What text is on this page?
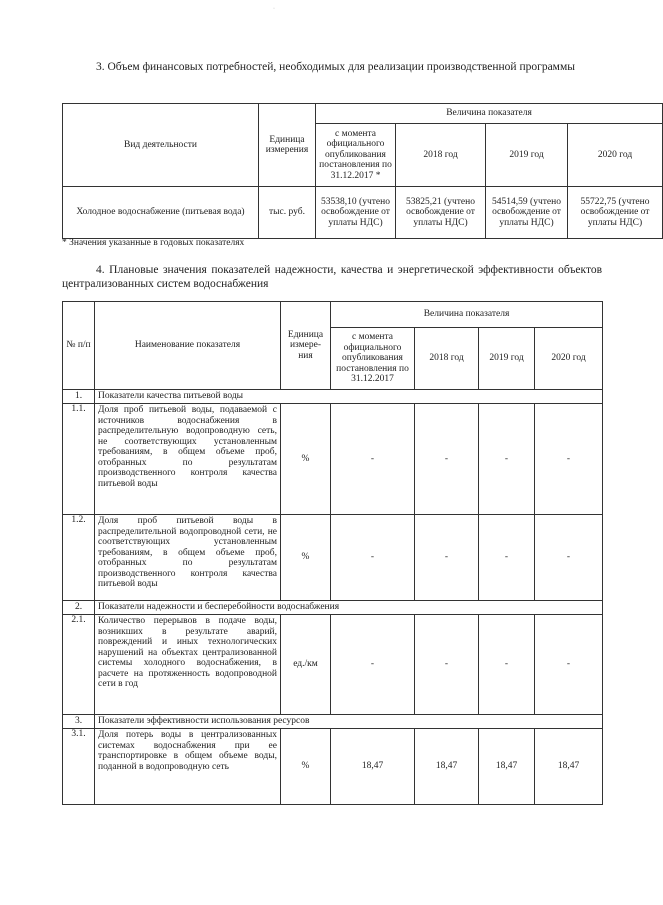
·
3. Объем финансовых потребностей, необходимых для реализации производственной программы
Вид деятельности	Единица измерения	Величина показателя			
		с момента официального опубликования постановления по 31.12.2017 *	2018 год	2019 год	2020 год
Холодное водоснабжение (питьевая вода)	тыс. руб.	53538,10 (учтено освобождение от уплаты НДС)	53825,21 (учтено освобождение от уплаты НДС)	54514,59 (учтено освобождение от уплаты НДС)	55722,75 (учтено освобождение от уплаты НДС)
* Значения указанные в годовых показателях
4. Плановые значения показателей надежности, качества и энергетической эффективности объектов централизованных систем водоснабжения
№ п/п	Наименование показателя	Единица измере-ния	Величина показателя			
			с момента официального опубликования постановления по 31.12.2017	2018 год	2019 год	2020 год
1.	Показатели качества питьевой воды					
1.1.	Доля проб питьевой воды, подаваемой с источников водоснабжения в распределительную водопроводную сеть, не соответствующих установленным требованиям, в общем объеме проб, отобранных по результатам производственного контроля качества питьевой воды	%	-	-	-	-
1.2.	Доля проб питьевой воды в распределительной водопроводной сети, не соответствующих установленным требованиям, в общем объеме проб, отобранных по результатам производственного контроля качества питьевой воды	%	-	-	-	-
2.	Показатели надежности и бесперебойности водоснабжения					
2.1.	Количество перерывов в подаче воды, возникших в результате аварий, повреждений и иных технологических нарушений на объектах централизованной системы холодного водоснабжения, в расчете на протяженность водопроводной сети в год	ед./км	-	-	-	-
3.	Показатели эффективности использования ресурсов					
3.1.	Доля потерь воды в централизованных системах водоснабжения при ее транспортировке в общем объеме воды, поданной в водопроводную сеть	%	18,47	18,47	18,47	18,47
